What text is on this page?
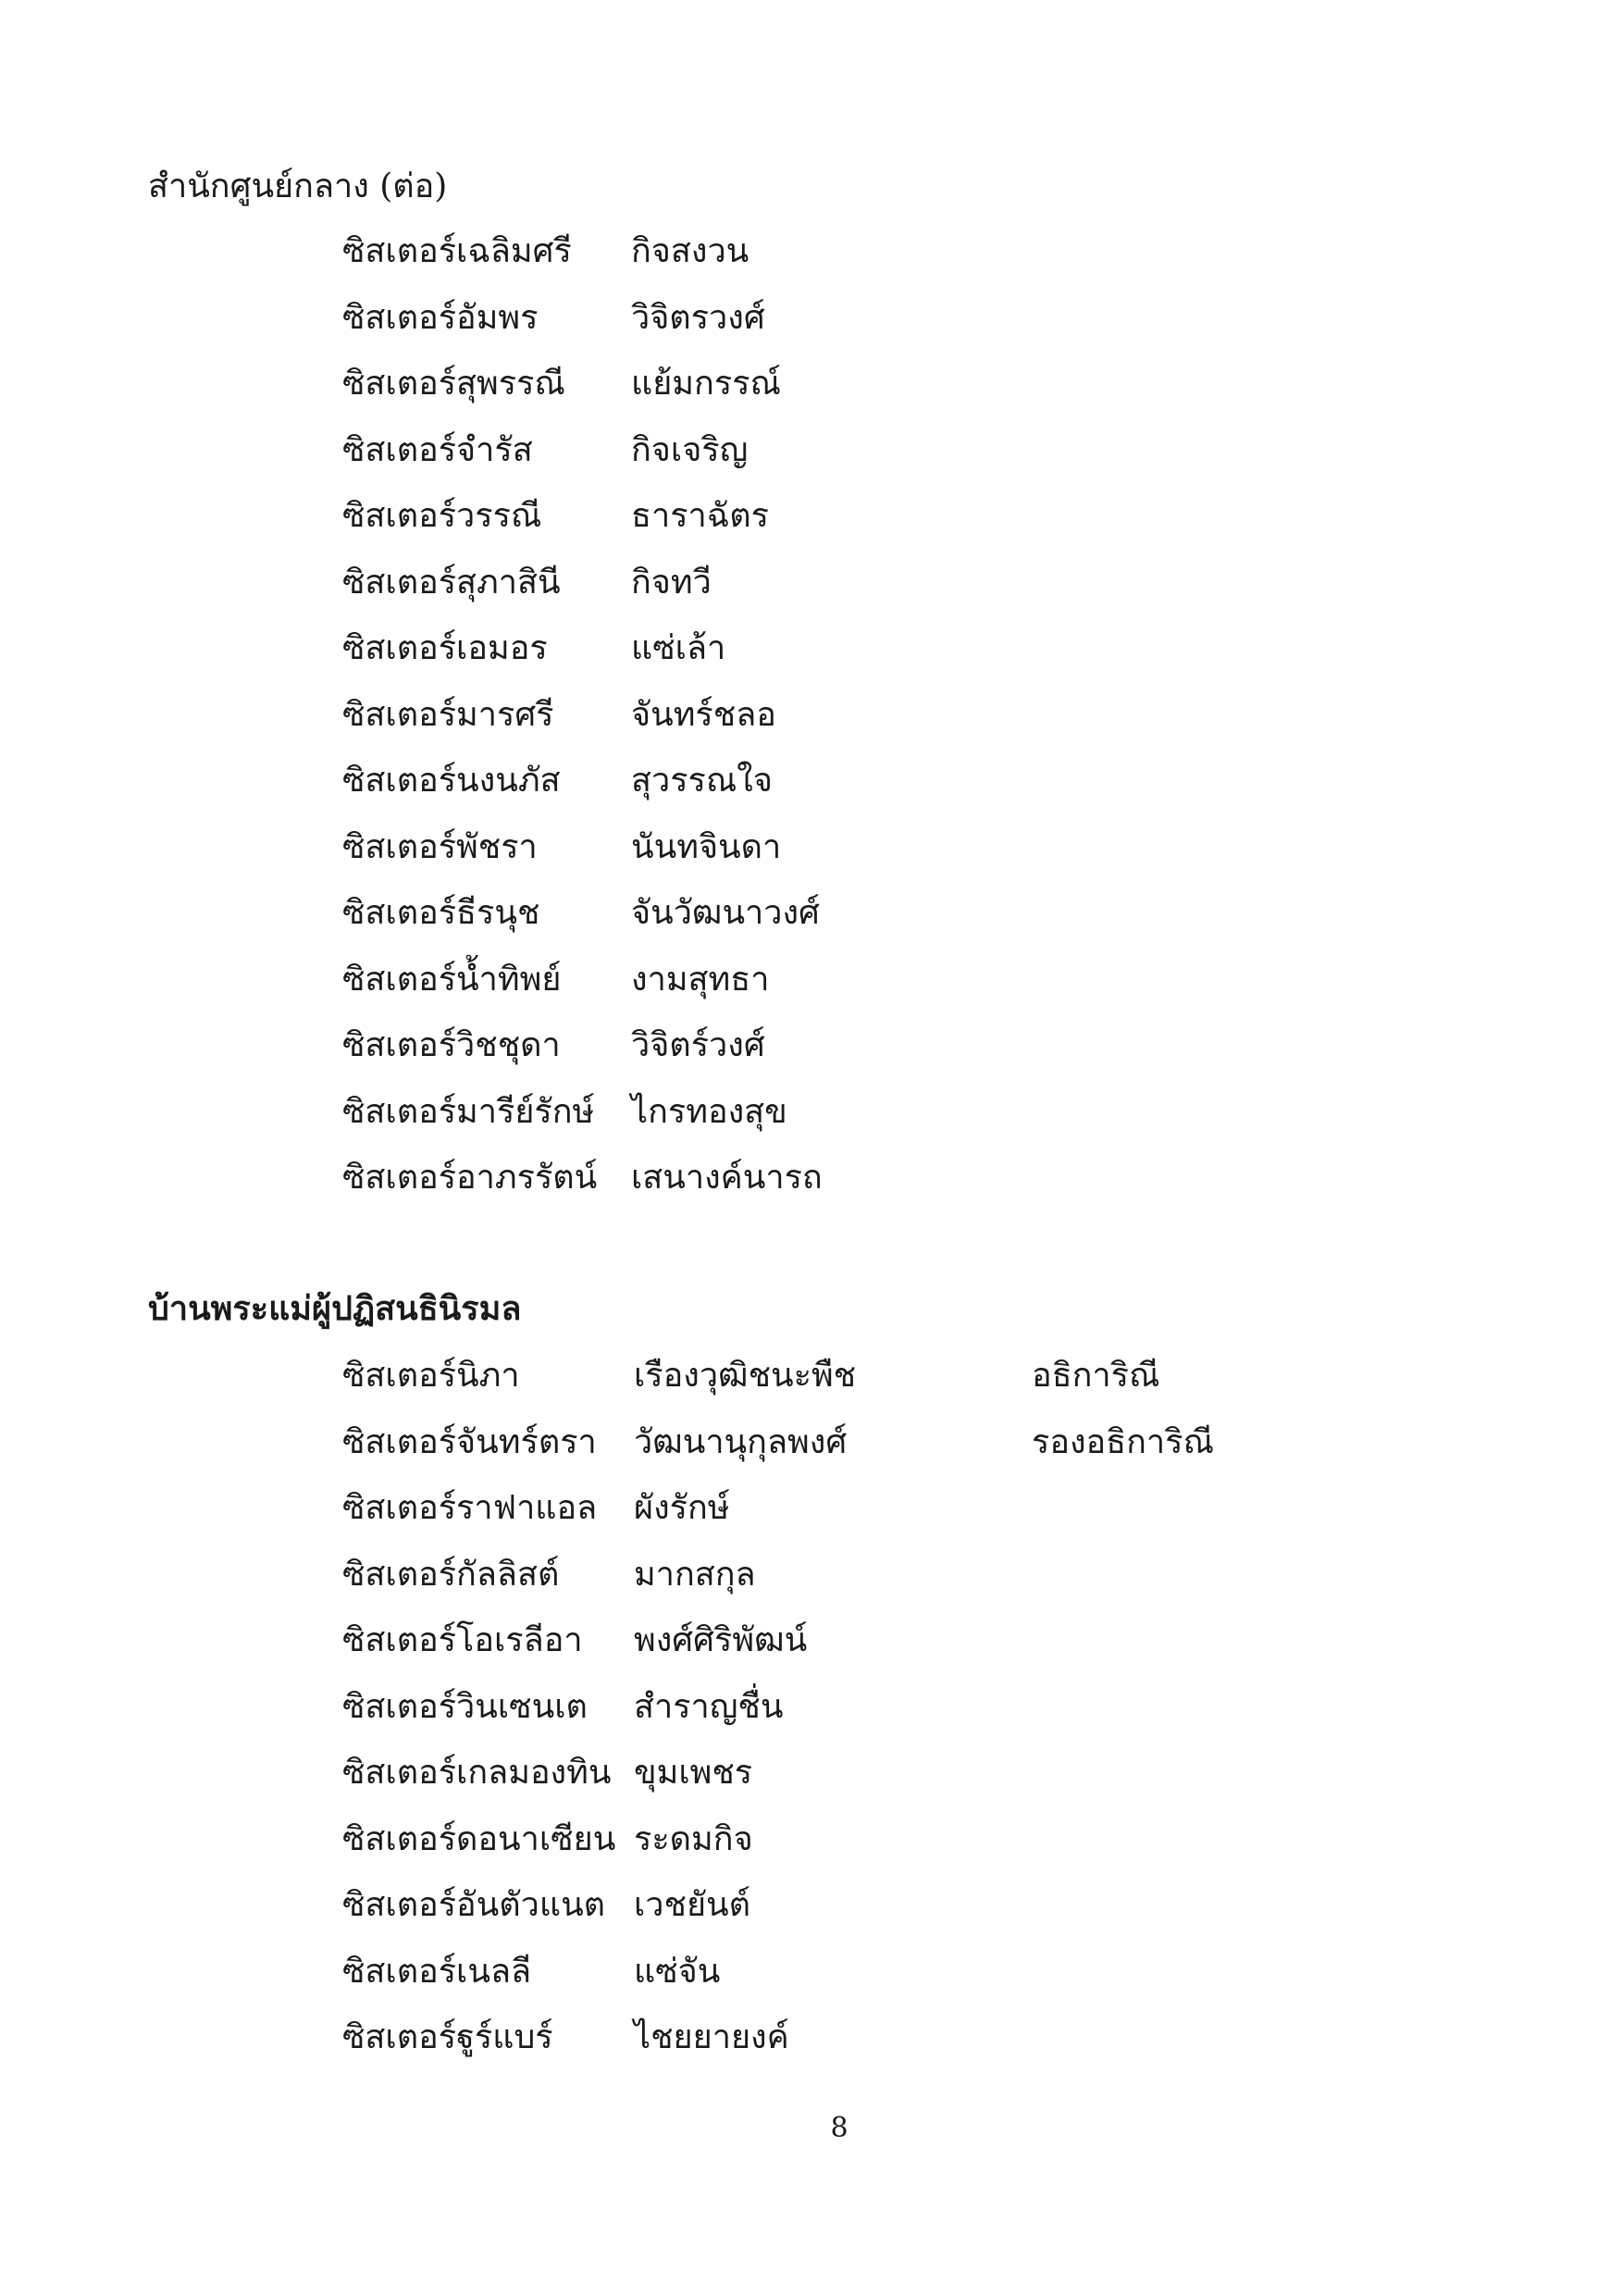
สำนักศูนย์กลาง (ต่อ)
ซิสเตอร์เฉลิมศรี กิจสงวน
ซิสเตอร์อัมพร	วิจิตรวงศ์
ซิสเตอร์สุพรรณี แย้มกรรณ์
ซิสเตอร์จำรัส	กิจเจริญ
ซิสเตอร์วรรณี	ธาราฉัตร
ซิสเตอร์สุภาสินี กิจทวี
ซิสเตอร์เอมอร	แซ่เล้า
ซิสเตอร์มารศรี จันทร์ชลอ
ซิสเตอร์นงนภัส สุวรรณใจ
ซิสเตอร์พัชรา	นันทจินดา
ซิสเตอร์ธีรนุช	จันวัฒนาวงศ์
ซิสเตอร์น้ำทิพย์ งามสุทธา
ซิสเตอร์วิชชุดา วิจิตร์วงศ์
ซิสเตอร์มารีย์รักษ์ ไกรทองสุข
ซิสเตอร์อาภรรัตน์ เสนางค์นารถ
บ้านพระแม่ผู้ปฏิสนธินิรมล
ซิสเตอร์นิภา	เรืองวุฒิชนะพืช	อธิการิณี
ซิสเตอร์จันทร์ตรา วัฒนานุกุลพงศ์	รองอธิการิณี
ซิสเตอร์ราฟาแอล ผังรักษ์
ซิสเตอร์กัลลิสต์ มากสกุล
ซิสเตอร์โอเรลีอา พงศ์ศิริพัฒน์
ซิสเตอร์วินเซนเต สำราญชื่น
ซิสเตอร์เกลมองทิน ขุมเพชร
ซิสเตอร์ดอนาเซียน ระดมกิจ
ซิสเตอร์อันตัวแนต เวชยันต์
ซิสเตอร์เนลลี	แซ่จัน
ซิสเตอร์ฐูร์แบร์ ไชยยายงค์
8
